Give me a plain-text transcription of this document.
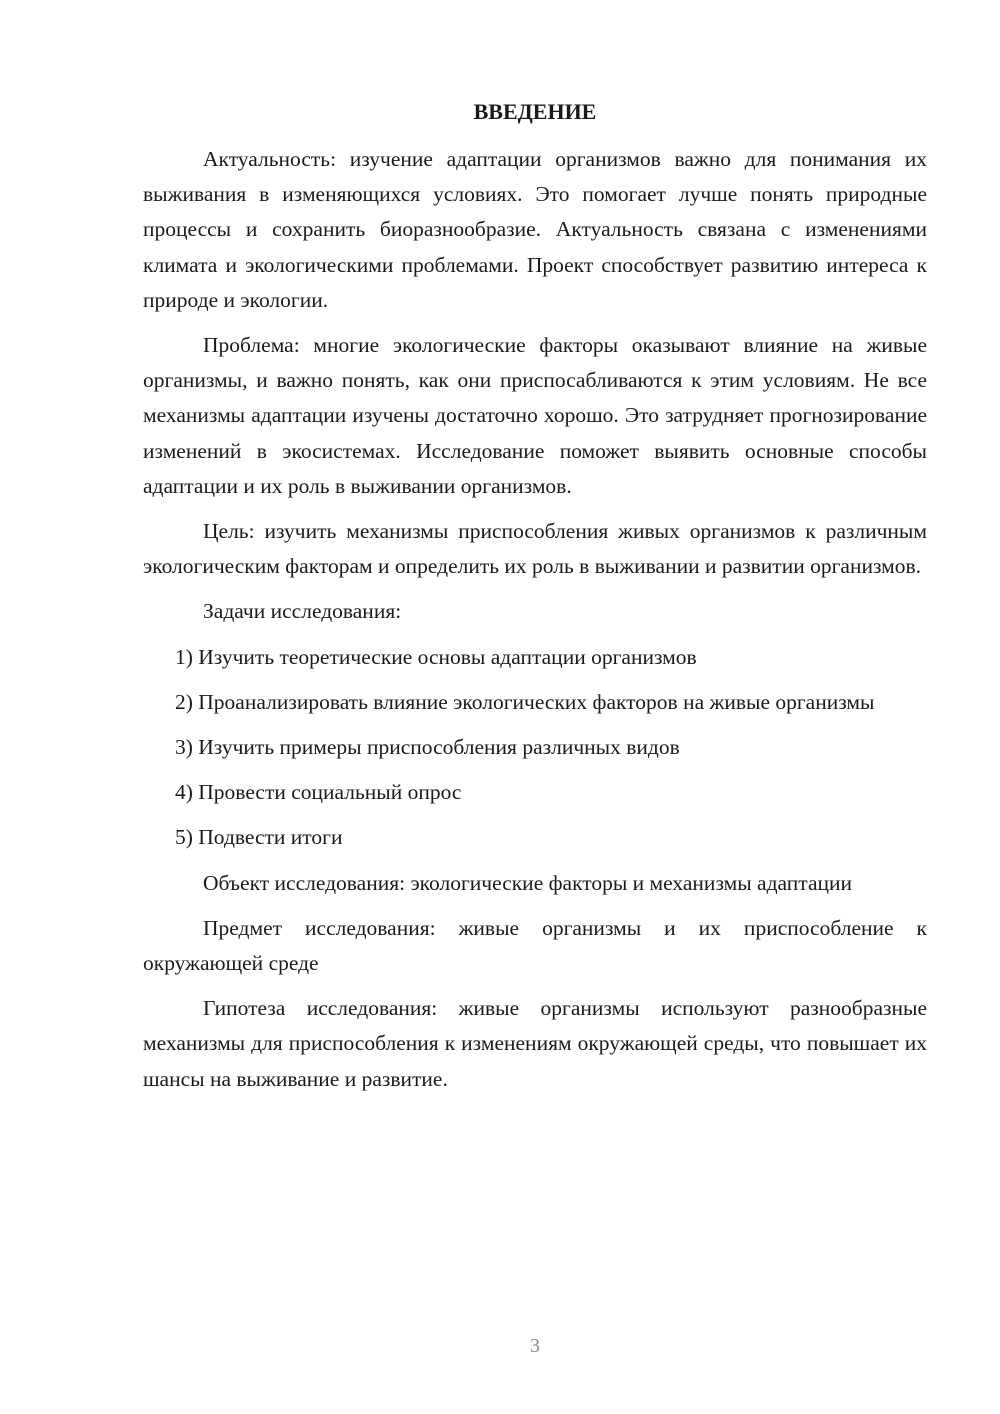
ВВЕДЕНИЕ

Актуальность: изучение адаптации организмов важно для понимания их выживания в изменяющихся условиях. Это помогает лучше понять природные процессы и сохранить биоразнообразие. Актуальность связана с изменениями климата и экологическими проблемами. Проект способствует развитию интереса к природе и экологии.

Проблема: многие экологические факторы оказывают влияние на живые организмы, и важно понять, как они приспосабливаются к этим условиям. Не все механизмы адаптации изучены достаточно хорошо. Это затрудняет прогнозирование изменений в экосистемах. Исследование поможет выявить основные способы адаптации и их роль в выживании организмов.

Цель: изучить механизмы приспособления живых организмов к различным экологическим факторам и определить их роль в выживании и развитии организмов.

Задачи исследования:

1) Изучить теоретические основы адаптации организмов

2) Проанализировать влияние экологических факторов на живые организмы

3) Изучить примеры приспособления различных видов

4) Провести социальный опрос

5) Подвести итоги

Объект исследования: экологические факторы и механизмы адаптации

Предмет исследования: живые организмы и их приспособление к окружающей среде

Гипотеза исследования: живые организмы используют разнообразные механизмы для приспособления к изменениям окружающей среды, что повышает их шансы на выживание и развитие.

3
